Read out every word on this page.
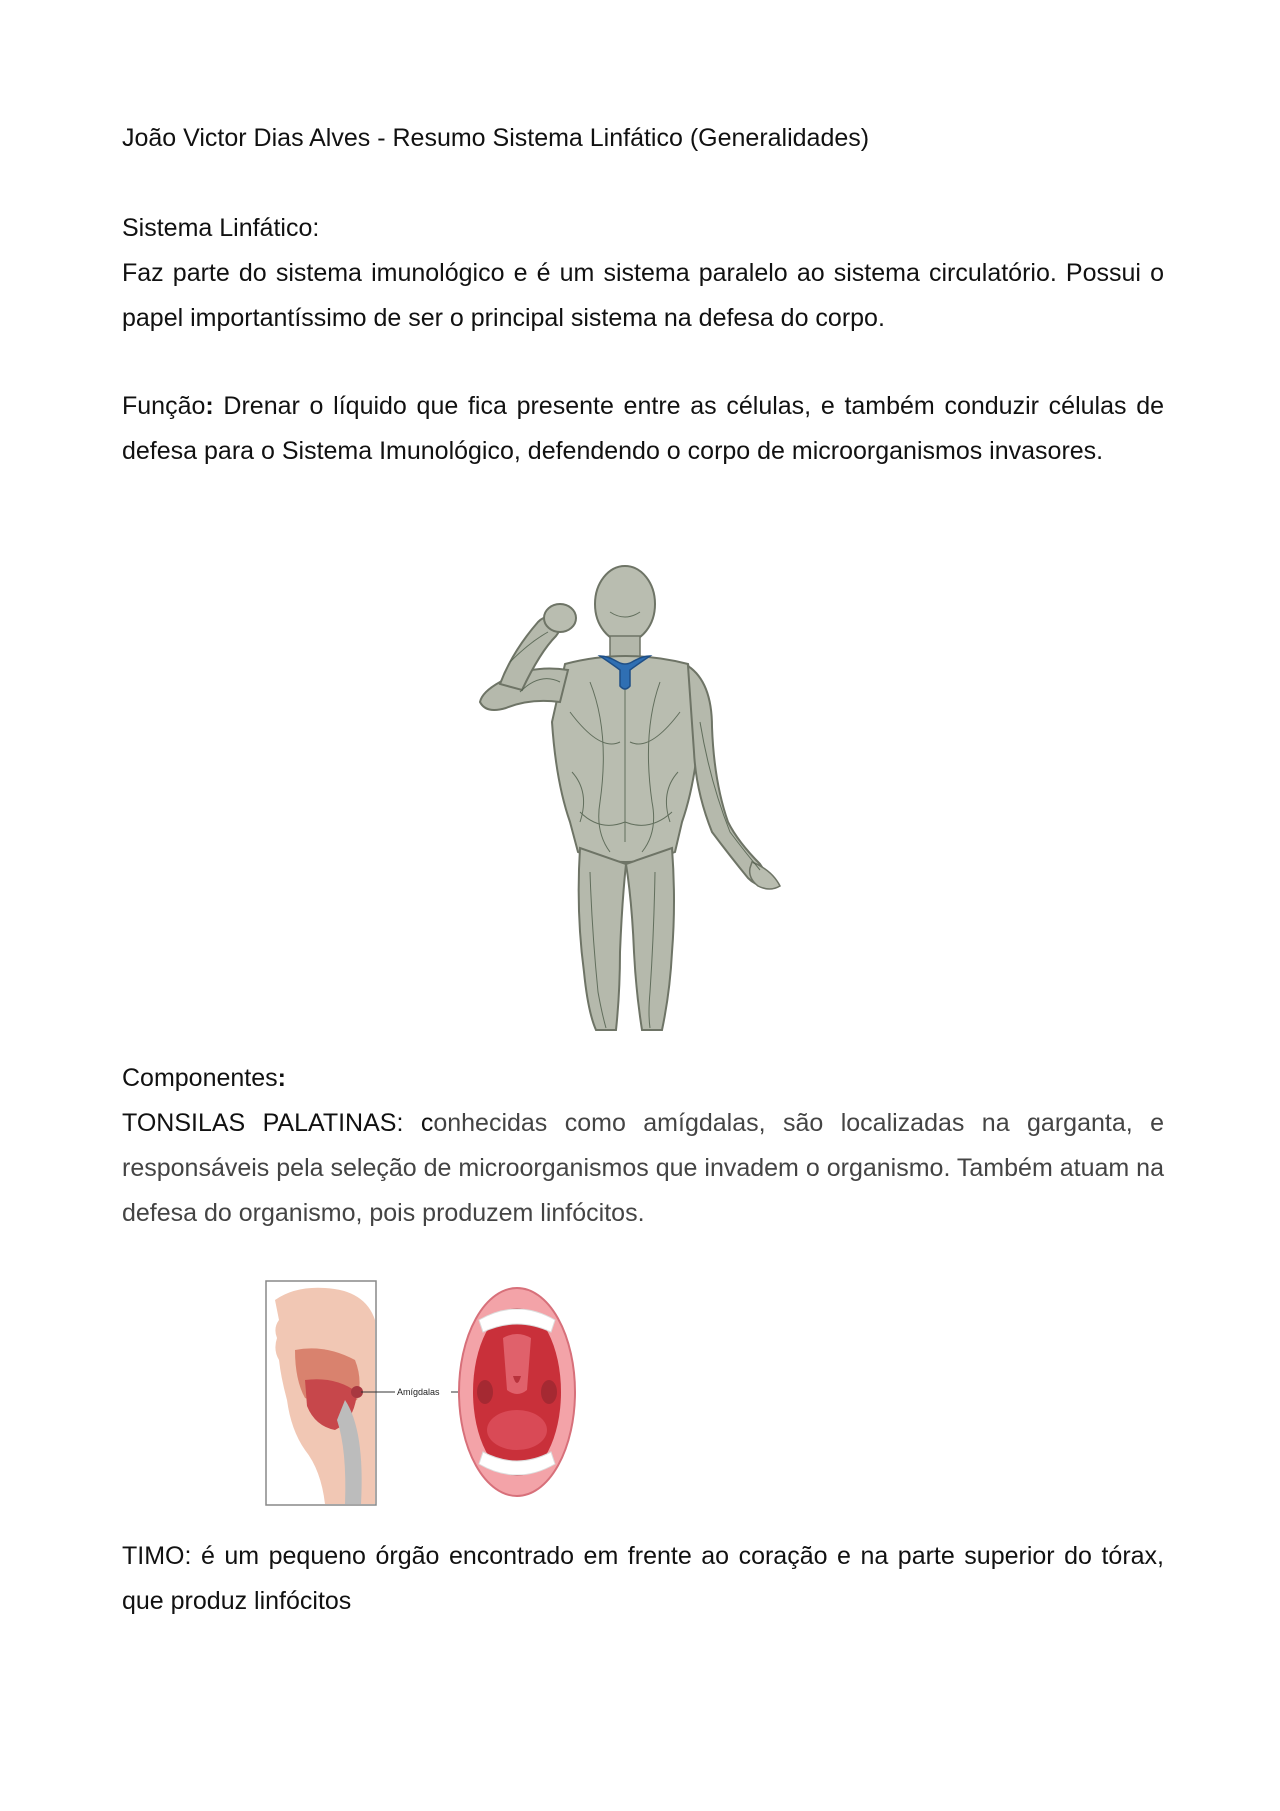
João Victor Dias Alves - Resumo Sistema Linfático (Generalidades)

Sistema Linfático:

Faz parte do sistema imunológico e é um sistema paralelo ao sistema circulatório. Possui o papel importantíssimo de ser o principal sistema na defesa do corpo.

Função: Drenar o líquido que fica presente entre as células, e também conduzir células de defesa para o Sistema Imunológico, defendendo o corpo de microorganismos invasores.

Componentes:

TONSILAS PALATINAS: conhecidas como amígdalas, são localizadas na garganta, e responsáveis pela seleção de microorganismos que invadem o organismo. Também atuam na defesa do organismo, pois produzem linfócitos.

Amígdalas

TIMO: é um pequeno órgão encontrado em frente ao coração e na parte superior do tórax, que produz linfócitos
